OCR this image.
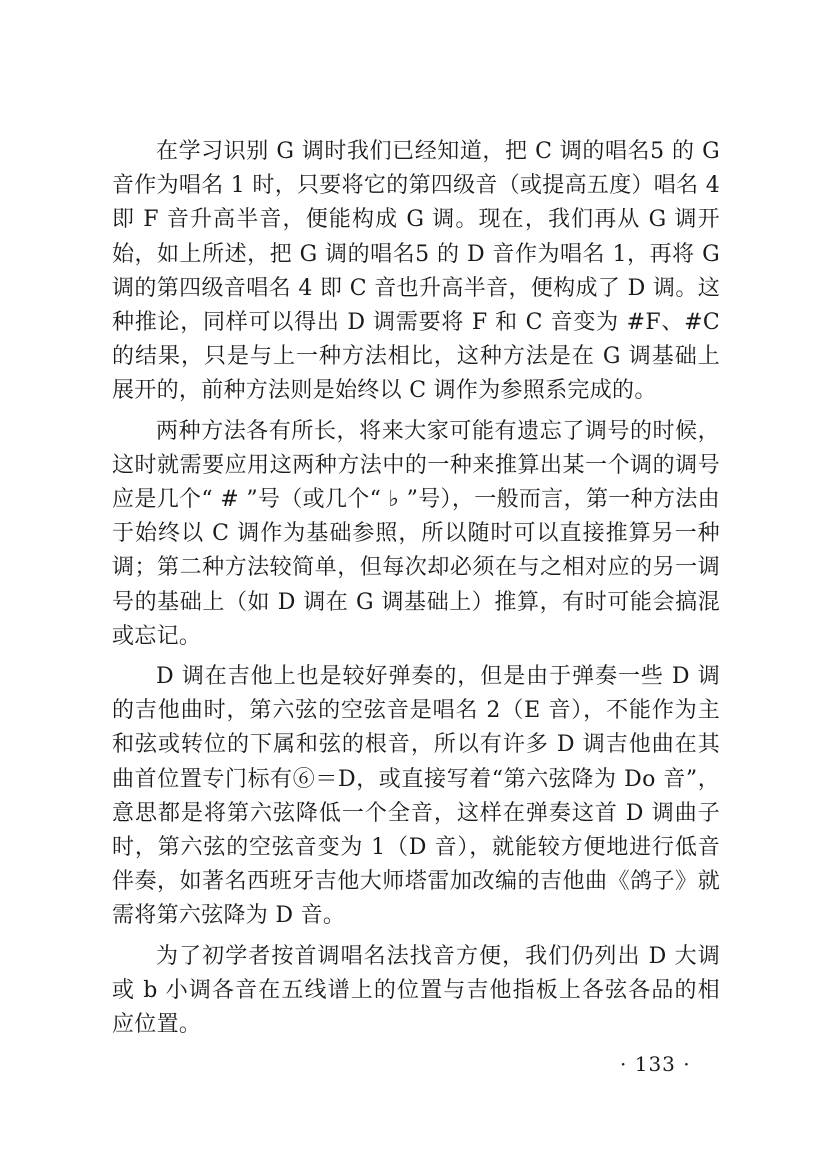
在学习识别 G 调时我们已经知道，把 C 调的唱名5 的 G 音作为唱名 1 时，只要将它的第四级音（或提高五度）唱名 4 即 F 音升高半音，便能构成 G 调。现在，我们再从 G 调开始，如上所述，把 G 调的唱名5 的 D 音作为唱名 1，再将 G 调的第四级音唱名 4 即 C 音也升高半音，便构成了 D 调。这种推论，同样可以得出 D 调需要将 F 和 C 音变为 #F、#C 的结果，只是与上一种方法相比，这种方法是在 G 调基础上展开的，前种方法则是始终以 C 调作为参照系完成的。

两种方法各有所长，将来大家可能有遗忘了调号的时候，这时就需要应用这两种方法中的一种来推算出某一个调的调号应是几个“ # ”号（或几个“ ♭ ”号），一般而言，第一种方法由于始终以 C 调作为基础参照，所以随时可以直接推算另一种调；第二种方法较简单，但每次却必须在与之相对应的另一调号的基础上（如 D 调在 G 调基础上）推算，有时可能会搞混或忘记。

D 调在吉他上也是较好弹奏的，但是由于弹奏一些 D 调的吉他曲时，第六弦的空弦音是唱名 2（E 音），不能作为主和弦或转位的下属和弦的根音，所以有许多 D 调吉他曲在其曲首位置专门标有⑥＝D，或直接写着“第六弦降为 Do 音”，意思都是将第六弦降低一个全音，这样在弹奏这首 D 调曲子时，第六弦的空弦音变为 1（D 音），就能较方便地进行低音伴奏，如著名西班牙吉他大师塔雷加改编的吉他曲《鸽子》就需将第六弦降为 D 音。

为了初学者按首调唱名法找音方便，我们仍列出 D 大调或 b 小调各音在五线谱上的位置与吉他指板上各弦各品的相应位置。

· 133 ·
